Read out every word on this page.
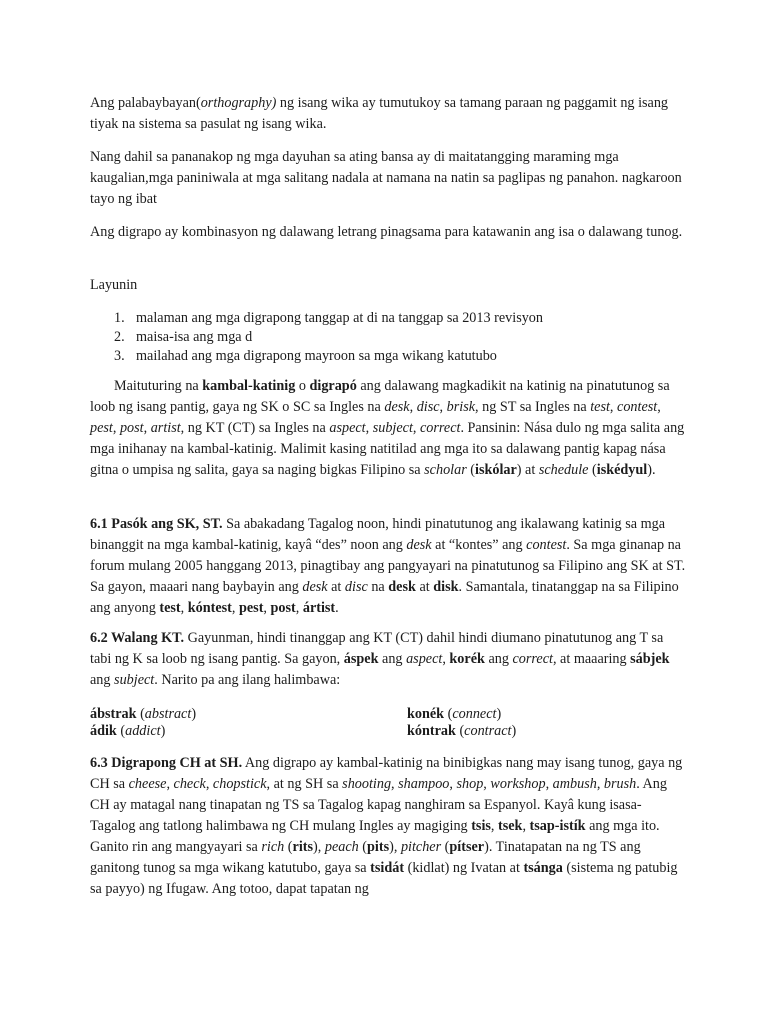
Ang palabaybayan(orthography) ng isang wika ay tumutukoy sa tamang paraan ng paggamit ng isang tiyak na sistema sa pasulat ng isang wika.

Nang dahil sa pananakop ng mga dayuhan sa ating bansa ay di maitatangging maraming mga kaugalian,mga paniniwala at mga salitang nadala at namana na natin sa paglipas ng panahon. nagkaroon tayo ng ibat

Ang digrapo ay kombinasyon ng dalawang letrang pinagsama para katawanin ang isa o dalawang tunog.

Layunin

1. malaman ang mga digrapong tanggap at di na tanggap sa 2013 revisyon
2. maisa-isa ang mga d
3. mailahad ang mga digrapong mayroon sa mga wikang katutubo

Maituturing na kambal-katinig o digrapó ang dalawang magkadikit na katinig na pinatutunog sa loob ng isang pantig, gaya ng SK o SC sa Ingles na desk, disc, brisk, ng ST sa Ingles na test, contest, pest, post, artist, ng KT (CT) sa Ingles na aspect, subject, correct. Pansinin: Nása dulo ng mga salita ang mga inihanay na kambal-katinig. Malimit kasing natitilad ang mga ito sa dalawang pantig kapag nása gitna o umpisa ng salita, gaya sa naging bigkas Filipino sa scholar (iskólar) at schedule (iskédyul).

6.1 Pasók ang SK, ST. Sa abakadang Tagalog noon, hindi pinatutunog ang ikalawang katinig sa mga binanggit na mga kambal-katinig, kayâ “des” noon ang desk at “kontes” ang contest. Sa mga ginanap na forum mulang 2005 hanggang 2013, pinagtibay ang pangyayari na pinatutunog sa Filipino ang SK at ST. Sa gayon, maaari nang baybayin ang desk at disc na desk at disk. Samantala, tinatanggap na sa Filipino ang anyong test, kóntest, pest, post, ártist.

6.2 Walang KT. Gayunman, hindi tinanggap ang KT (CT) dahil hindi diumano pinatutunog ang T sa tabi ng K sa loob ng isang pantig. Sa gayon, áspek ang aspect, korék ang correct, at maaaring sábjek ang subject. Narito pa ang ilang halimbawa:

ábstrak (abstract)	konék (connect)
ádik (addict)	kóntrak (contract)

6.3 Digrapong CH at SH. Ang digrapo ay kambal-katinig na binibigkas nang may isang tunog, gaya ng CH sa cheese, check, chopstick, at ng SH sa shooting, shampoo, shop, workshop, ambush, brush. Ang CH ay matagal nang tinapatan ng TS sa Tagalog kapag nanghiram sa Espanyol. Kayâ kung isasa-Tagalog ang tatlong halimbawa ng CH mulang Ingles ay magiging tsis, tsek, tsap-istík ang mga ito. Ganito rin ang mangyayari sa rich (rits), peach (pits), pitcher (pítser). Tinatapatan na ng TS ang ganitong tunog sa mga wikang katutubo, gaya sa tsidát (kidlat) ng Ivatan at tsánga (sistema ng patubig sa payyo) ng Ifugaw. Ang totoo, dapat tapatan ng
